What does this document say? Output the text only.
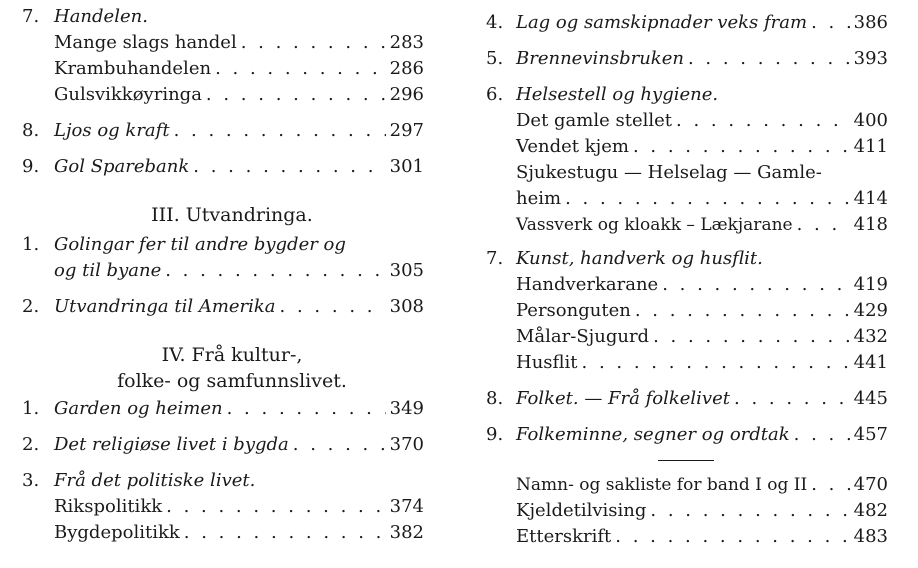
7. Handelen.
Mange slags handel . . .	283
Krambuhandelen . . .	286
Gulsvikkøyringa . . .	296
8. Ljos og kraft . . .	297
9. Gol Sparebank . . .	301
III. Utvandringa.
1. Golingar fer til andre bygder og
og til byane . . .	305
2. Utvandringa til Amerika . . .	308
IV. Frå kultur-,
folke- og samfunnslivet.
1. Garden og heimen . . .	349
2. Det religiøse livet i bygda . . .	370
3. Frå det politiske livet.
Rikspolitikk . . .	374
Bygdepolitikk . . .	382
4. Lag og samskipnader veks fram . . .	386
5. Brennevinsbruken . . .	393
6. Helsestell og hygiene.
Det gamle stellet . . .	400
Vendet kjem . . .	411
Sjukestugu — Helselag — Gamle-
heim . . .	414
Vassverk og kloakk – Lækjarane . . .	418
7. Kunst, handverk og husflit.
Handverkarane . . .	419
Personguten . . .	429
Målar-Sjugurd . . .	432
Husflit . . .	441
8. Folket. — Frå folkelivet . . .	445
9. Folkeminne, segner og ordtak . . .	457
Namn- og sakliste for band I og II . . .	470
Kjeldetilvising . . .	482
Etterskrift . . .	483
